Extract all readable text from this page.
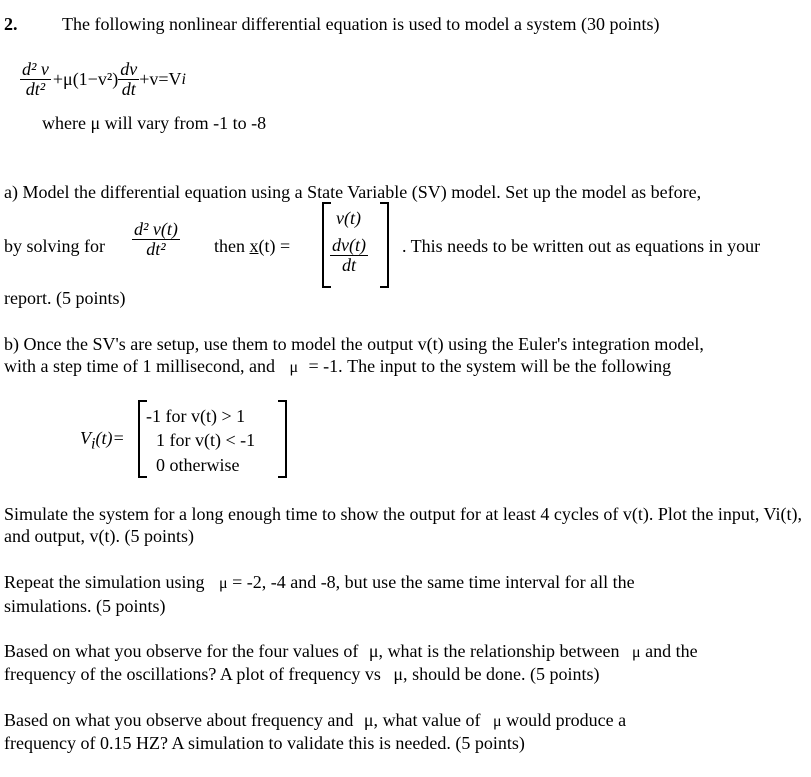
2. The following nonlinear differential equation is used to model a system (30 points)
$\frac{\text{d² v}}{\text{dt²}} +\mu(1-v^2) \frac{dv}{dt} +v=V$ i
where μ will vary from -1 to -8
a) Model the differential equation using a State Variable (SV) model. Set up the model as before,
by solving for $\frac{\text{d² v(t)}}{\text{dt²}}$ then x(t) =
v(t)
$\frac{dv(t)}{dt}$ . This needs to be written out as equations in your
report. (5 points)
b) Once the SV's are setup, use them to model the output v(t) using the Euler's integration model,
with a step time of 1 millisecond, and μ = -1. The input to the system will be the following
$V_i(t)=$
-1 for v(t) > 1
1 for v(t) < -1
0 otherwise
Simulate the system for a long enough time to show the output for at least 4 cycles of v(t). Plot the input, Vi(t), and output, v(t). (5 points)
Repeat the simulation using μ = -2, -4 and -8, but use the same time interval for all the
simulations. (5 points)
Based on what you observe for the four values of μ, what is the relationship between μ and the
frequency of the oscillations? A plot of frequency vs μ, should be done. (5 points)
Based on what you observe about frequency and μ, what value of μ would produce a
frequency of 0.15 HZ? A simulation to validate this is needed. (5 points)
